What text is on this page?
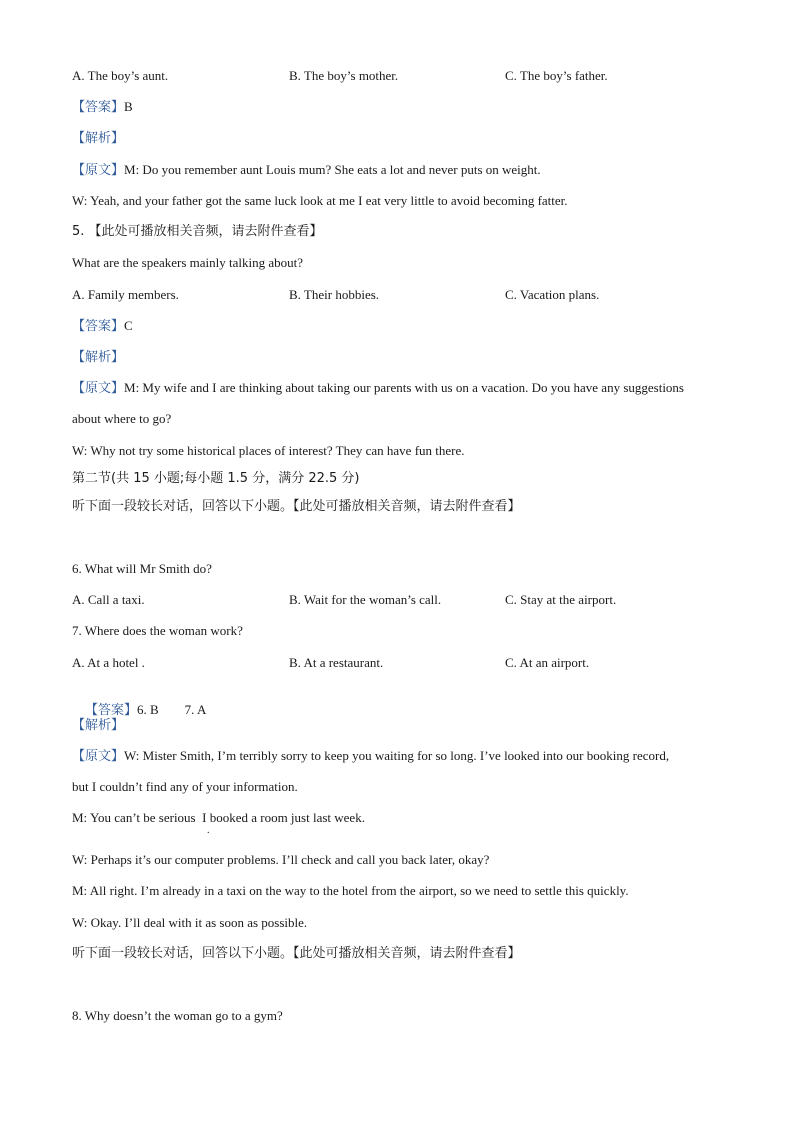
A. The boy’s aunt.	B. The boy’s mother.	C. The boy’s father.
【答案】B
【解析】
【原文】M: Do you remember aunt Louis mum? She eats a lot and never puts on weight.
W: Yeah, and your father got the same luck look at me I eat very little to avoid becoming fatter.
5. 【此处可播放相关音频，请去附件查看】
What are the speakers mainly talking about?
A. Family members.	B. Their hobbies.	C. Vacation plans.
【答案】C
【解析】
【原文】M: My wife and I are thinking about taking our parents with us on a vacation. Do you have any suggestions
about where to go?
W: Why not try some historical places of interest? They can have fun there.
第二节(共 15 小题;每小题 1.5 分，满分 22.5 分)
听下面一段较长对话，回答以下小题。【此处可播放相关音频，请去附件查看】
6. What will Mr Smith do?
A. Call a taxi.	B. Wait for the woman’s call.	C. Stay at the airport.
7. Where does the woman work?
A. At a hotel .	B. At a restaurant.	C. At an airport.

【答案】6. B        7. A

【解析】
【原文】W: Mister Smith, I’m terribly sorry to keep you waiting for so long. I’ve looked into our booking record,
but I couldn’t find any of your information.
M: You can’t be serious  I booked a room just last week.
.
W: Perhaps it’s our computer problems. I’ll check and call you back later, okay?
M: All right. I’m already in a taxi on the way to the hotel from the airport, so we need to settle this quickly.
W: Okay. I’ll deal with it as soon as possible.
听下面一段较长对话，回答以下小题。【此处可播放相关音频，请去附件查看】
8. Why doesn’t the woman go to a gym?
